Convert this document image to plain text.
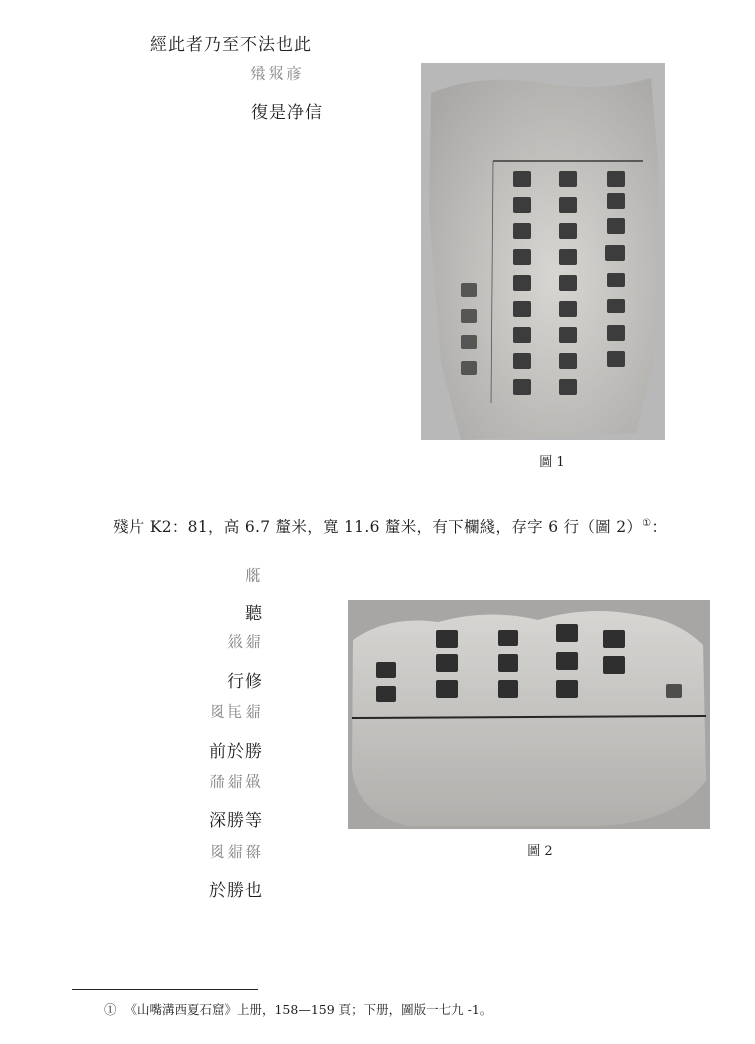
經此者乃至不法也此
𗋽𗊛𗇋
復是净信
圖 1
殘片 K2：81，高 6.7 釐米，寬 11.6 釐米，有下欄綫，存字 6 行（圖 2）①：
𗅋
聽
𗤻𗤋
行修
𘉋𗹭𗤋
前於勝
𗗙𗤋𗏣
深勝等
𘉋𗤋𗱈
於勝也
圖 2
① 《山嘴溝西夏石窟》上册，158—159 頁；下册，圖版一七九 -1。
